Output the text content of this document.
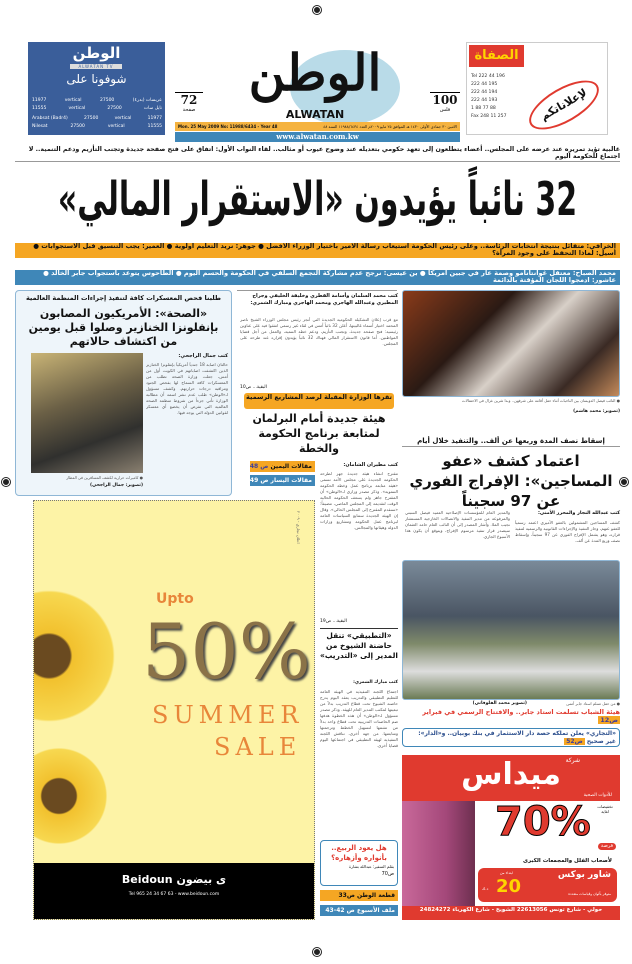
الوطن
ALWATAN TV
شوفونا على
11977	vertical	27500	عربسات (بدر٤)
11555	vertical	27500	نايل سات
Arabsat (Badr4)	27500	vertical	11977
Nilesat	27500	vertical	11555
الوطن
ALWATAN
72
صفحة
100
فلس
Mon. 25 May 2009 No: 11988/6434 - Year 48	الاثنين ٣٠ جمادى الأولى ١٤٣٠ هـ الموافق ٢٥ مايو ٢٠٠٩م العدد ١١٩٨٨/٦٤٣٤ السنة ٤٨
www.alwatan.com.kw
الصفاة
Tel 222 44 196
222 44 195
222 44 194
222 44 193
1 88 77 88
Fax 248 11 257	لإعلاناتكم
غالبية تؤيد تمريره عند عرضه على المجلس.. أعضاء يتطلعون إلى تعهد حكومي بتعديله عند وضوح عيوب أو مثالب.. لقاء النواب الأول: اتفاق على فتح صفحة جديدة وتجنب التأزيم ودعم التنمية.. لا اجتماع للحكومة اليوم
32 نائباً يؤيدون «الاستقرار المالي»
الخرافي: متفائل بنتيجة انتخابات الرئاسة.. وعلى رئيس الحكومة استيعاب رسالة الأمير باختيار الوزراء الأفضل ● جوهر: نريد التعليم أولوية ● العمير: يجب التنسيق قبل الاستجوابات ● أسيل: لماذا التحفظ على وجود المرأة؟
محمد الصباح: معتقل غوانتانامو وصمة عار في جبين أمريكا ● بن عيسى: نرجح عدم مشاركة التجمع السلفي في الحكومة والحسم اليوم ● الطاحوس يتوعد باستجواب جابر الخالد ● عاشور: ادمجوا اللجان المؤقتة بالدائمة
طلبنا فحص المعسكرات كافة لتنفيذ إجراءات المنظمة العالمية
«الصحة»: الأمريكيون المصابون بإنفلونزا الخنازير وصلوا قبل يومين من اكتشاف حالاتهم
كتب جمال الراجحي:
حالتان اصابة 18 جندياً أمريكياً بإنفلونزا الخنازير الذين اكتشفت اصاباتهم في الكويت أول من أمس، جعلت وزارة الصحة تطلب من المعسكرات كافة السماح لها بفحص الجنود ومراقبة درجات حرارتهم. وكشف مسؤول لـ«الوطن» طلب عدم نشر اسمه أن مطالبة الوزارة تأتي جزءاً من شروط منظمة الصحة العالمية التي تفرض أن يخضع أي معسكر لقوانين الدولة التي يوجد فيها.
● كاميرات حرارية لكشف المسافرين في المطار
(تصوير: جمال الراجحي)
اعلان تجاري - ٢٠٠٩
Upto
50%
SUMMER
SALE
Beidoun	ی بيضون
Tel 965 24 34 67 63 - www.beidoun.com
كتب محمد السلمان وأسامة القطري وخليفة الخليفي وجراح المطيري وعبدالله الهاجري ومحمد الهاجري ومبارك الشمري:
مع قرب إعلان التشكيلة الحكومية الجديدة التي أنجز رئيس مجلس الوزراء الشيخ ناصر المحمد اختيار أسماء غالبيتها، أعلن 32 نائباً أمس في لقاء غير رسمي اتفقوا فيه على عناوين رئيسية: فتح صفحة جديدة، وتجنب التأزيم، ودعم خطة التنمية، والعمل من أجل قضايا المواطنين. أما قانون الاستقرار المالي فهناك 32 نائباً يؤيدون إقراره عند طرحه على المجلس.
البقية... ص10
تقرها الوزارة المقبلة لرصد المشاريع الرسمية
هيئة جديدة أمام البرلمان لمتابعة برنامج الحكومة والخطة
مقالات اليمين ص 48
مقالات اليسار ص 49
كتب مطيران الشامان:
مقترح انشاء هيئة جديدة جهز لطرحه الحكومة الجديدة على مجلس الأمة تسمى «هيئة متابعة برنامج عمل وخطة الحكومة التنموية». وذكر مصدر وزاري لـ«الوطن» أن المقترح جاهز ولم يسعف الحكومة الحالية الوقت لتقديمه إلى المجلس الماضي، مضيفاً: «سنقدم المقترح إلى المجلس الحالي». وقال إن الهيئة الجديدة ستتابع السياسات العامة لبرنامج عمل الحكومة ومشاريع وزارات الدولة وهيئاتها والمجالس.
البقية... ص19
«التطبيقي» تنقل حاضنة الشيوخ من المدير إلى «التدريب»
كتب مبارك الشمري:
اجتماع اللجنة التنفيذية في الهيئة العامة للتعليم التطبيقي والتدريب يعقد اليوم يدرج حاضنة الشيوخ تحت قطاع التدريب بدلاً من تبعيتها لمكتب المدير العام للهيئة. وذكر مصدر مسؤول لـ«الوطن» أن هذه الخطوة هدفها ضم الحاضنات التدريبية تحت قطاع واحد بدلاً من تشتتها لتسهيل الخطط وترجمتها ومتابعتها. من جهة أخرى، تناقش اللجنة التنفيذية لهيئة التطبيقي في اجتماعها اليوم قضايا أخرى.
هل يعود الربيع.. بأنواره وأزهاره؟
بقلم السفير: عبدالله بشارة
ص70
قطعة الوطن ص33
ملف الأسبوع ص 42-43
● النائب فيصل الدويسان بين الناخبات أثناء حفل أقامه على شرفهن.. وبدا شرين غزال في الاحتفالات
(تصوير: محمد هاشم)
إسقاط نصف المدة وربعها عن ألف.. والتنفيذ خلال أيام
اعتماد كشف «عفو المساجين»: الإفراج الفوري عن 97 سجيناً
كتب عبدالله النجار والمحرر الأمني:
كشف المساجين المشمولين بالعفو الأميري اعتمد رسمياً للعفو عنهم، وجار التنفيذ والإجراءات القانونية والرسمية لتنفيذ قراره، وهو يشمل الإفراج الفوري عن 97 سجيناً، وإسقاط نصف وربع المدة عن ألف.
والمدير العام للمؤسسات الإصلاحية العميد فيصل السبتي والمرفوعة من مدير التنفيذ والاتصالات الخارجية المستشار نجيب الملا. وأشار المصدر إلى أن النائب العام حامد العثمان سيصدر قرار تنفيذ مرسوم الإفراج، ويتوقع أن يكون هذا الأسبوع الجاري.
● من حفل تسلم استاد جابر أمس
(تصوير محمد الفلوقاني)
هيئة الشباب تسلمت استاد جابر.. والافتتاح الرسمي في فبراير ص12
«التجاري» يعلن تملكه حصة دار الاستثمار في بنك بوبيان.. و«الدار»: غير صحيح ص52
شركة
ميداس
للأدوات الصحية
تخفيضات لغاية
70%
فرصة
لأصحاب الفلل والمجمعات الكبرى
شاور بوكس
ابتداء من
20
د.ك
متوفر بألوان وقياسات متعددة
حولي - شارع تونس 22613056 الشويخ - شارع الكهرباء 24824272
